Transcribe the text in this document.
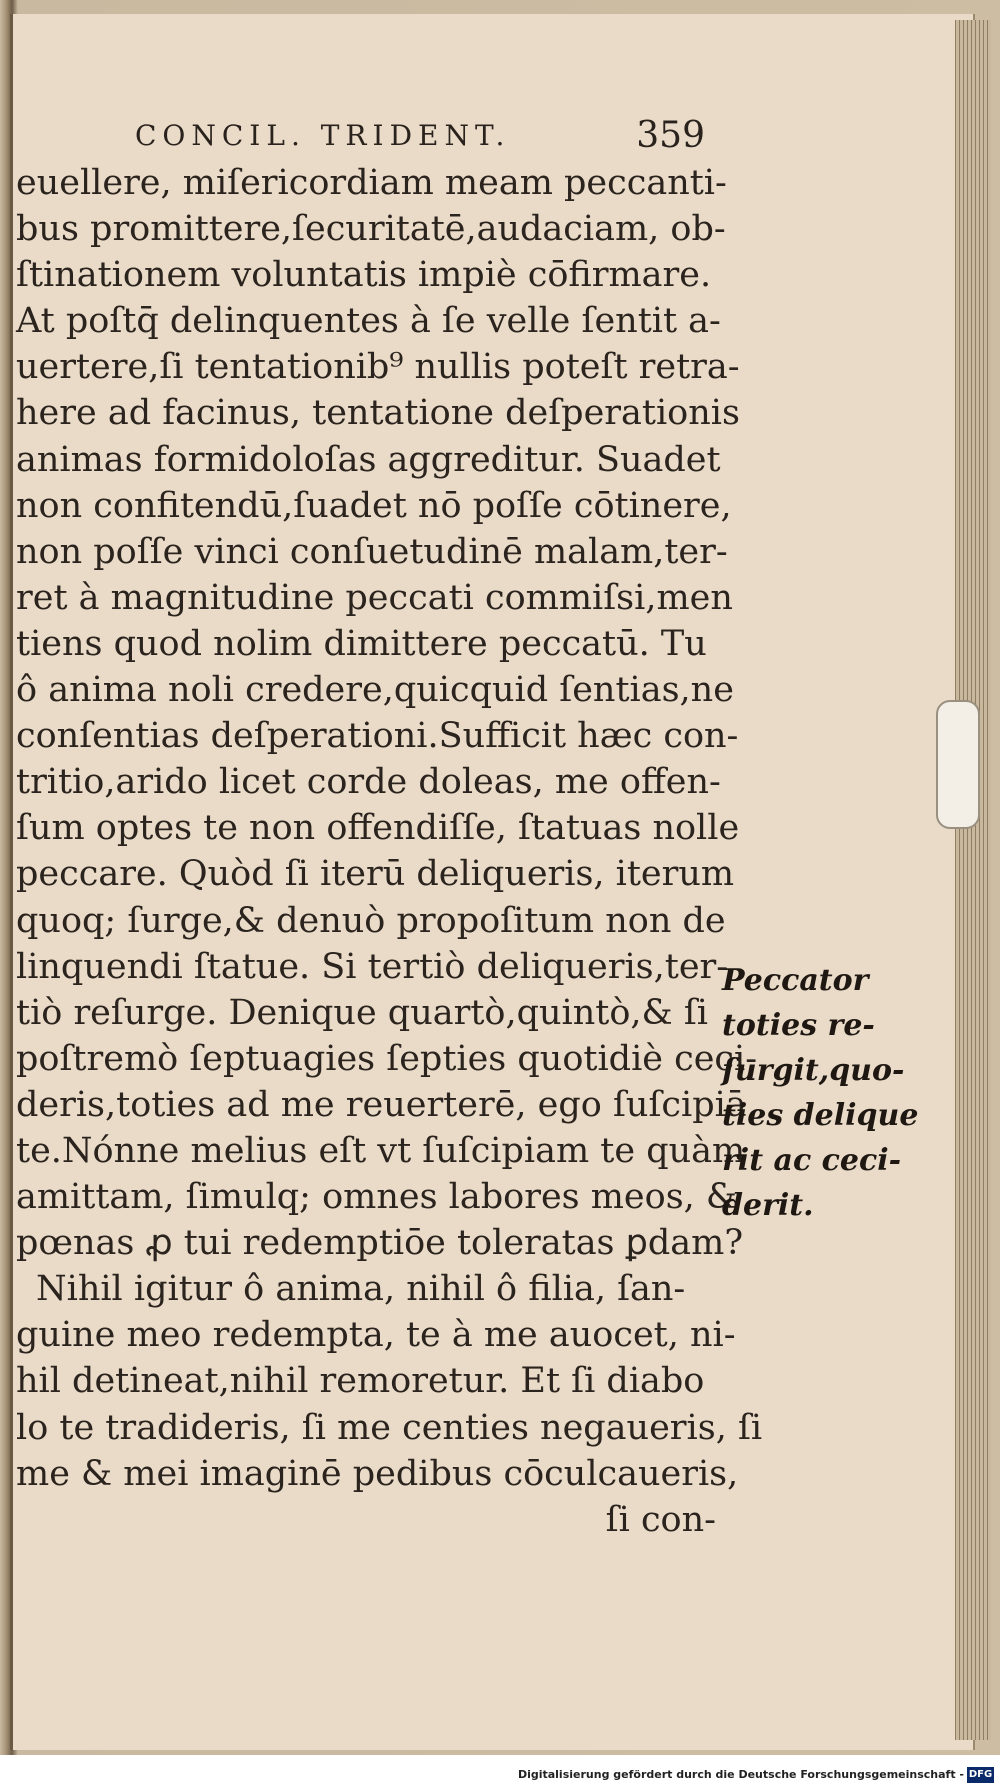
CONCIL. TRIDENT.	359
euellere, miſericordiam meam peccanti-
bus promittere,ſecuritatē,audaciam, ob-
ſtinationem voluntatis impiè cōfirmare.
At poſtq̄ delinquentes à ſe velle ſentit a-
uertere,ſi tentationib⁹ nullis poteſt retra-
here ad facinus, tentatione deſperationis
animas formidoloſas aggreditur. Suadet
non confitendū,ſuadet nō poſſe cōtinere,
non poſſe vinci conſuetudinē malam,ter-
ret à magnitudine peccati commiſsi,men
tiens quod nolim dimittere peccatū. Tu
ô anima noli credere,quicquid ſentias,ne
conſentias deſperationi.Sufficit hæc con-
tritio,arido licet corde doleas, me offen-
ſum optes te non offendiſſe, ſtatuas nolle
peccare. Quòd ſi iterū deliqueris, iterum
quoq; ſurge,& denuò propoſitum non de
linquendi ſtatue. Si tertiò deliqueris,ter-
tiò reſurge. Denique quartò,quintò,& ſi
poſtremò ſeptuagies ſepties quotidiè ceci-
deris,toties ad me reuerterē, ego ſuſcipiā
te.Nónne melius eſt vt ſuſcipiam te quàm
amittam, ſimulq; omnes labores meos, &
pœnas ꝓ tui redemptiōe toleratas ꝑdam?
Nihil igitur ô anima, nihil ô filia, ſan-
guine meo redempta, te à me auocet, ni-
hil detineat,nihil remoretur. Et ſi diabo
lo te tradideris, ſi me centies negaueris, ſi
me & mei imaginē pedibus cōculcaueris,
ſi con-
Peccator
toties re-
ſurgit,quo-
ties delique
rit ac ceci-
derit.
Digitalisierung gefördert durch die Deutsche Forschungsgemeinschaft - DFG
